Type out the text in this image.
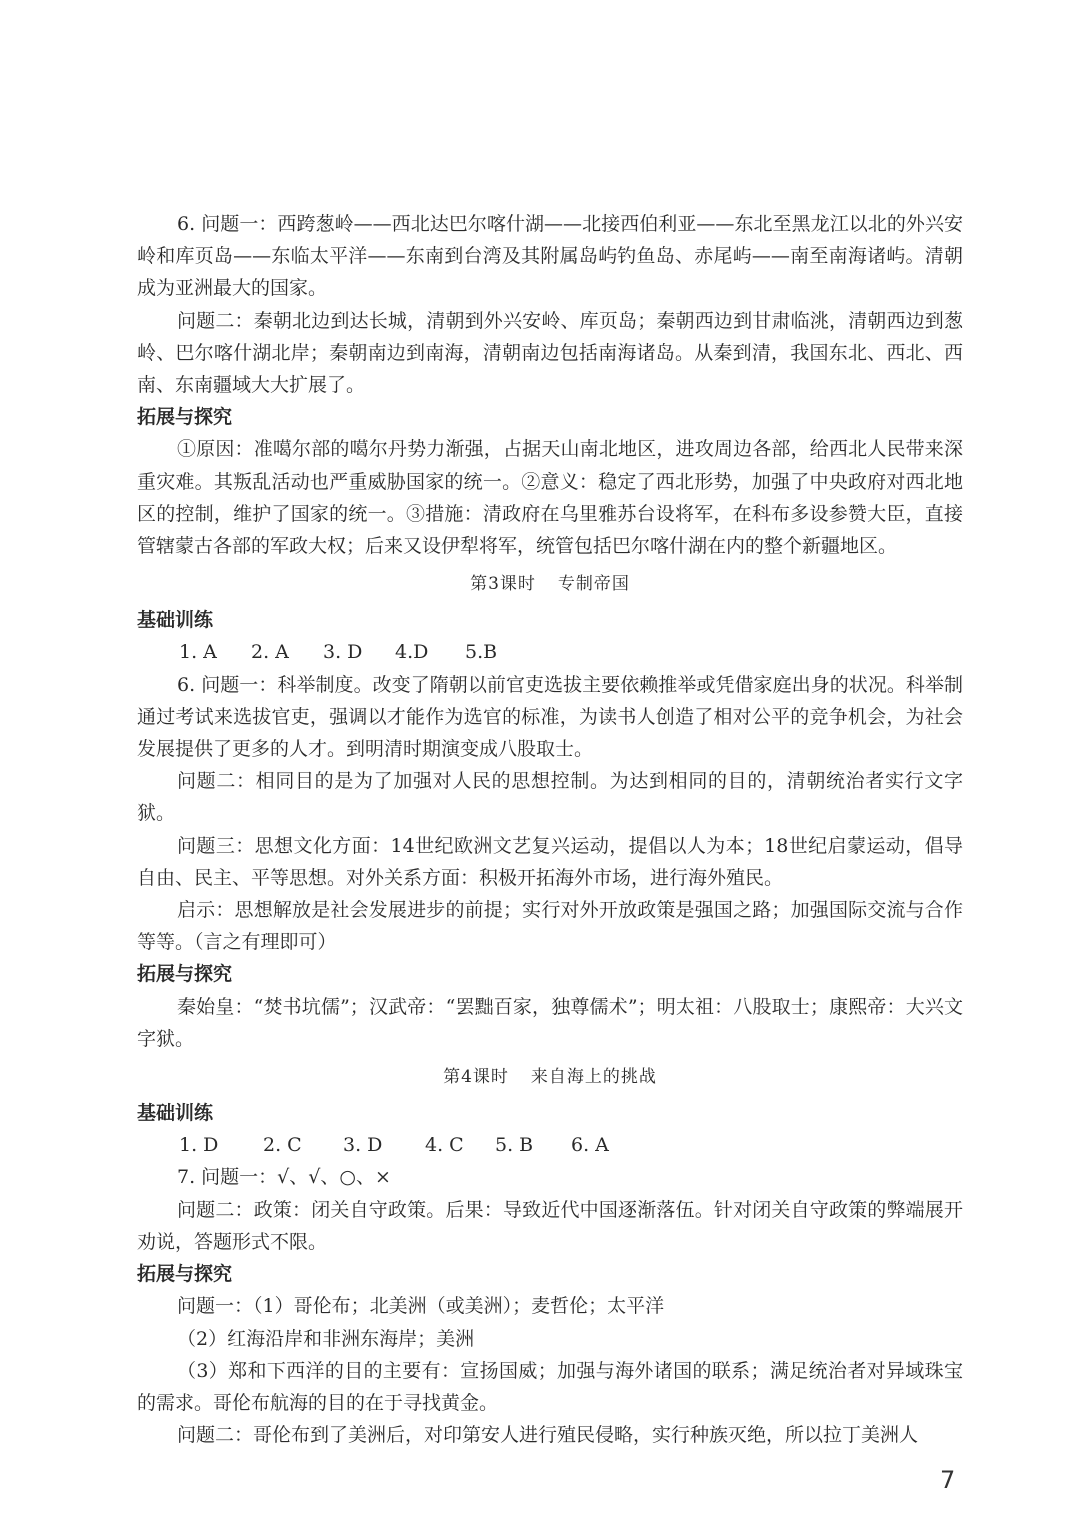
6. 问题一：西跨葱岭——西北达巴尔喀什湖——北接西伯利亚——东北至黑龙江以北的外兴安岭和库页岛——东临太平洋——东南到台湾及其附属岛屿钓鱼岛、赤尾屿——南至南海诸屿。清朝成为亚洲最大的国家。

问题二：秦朝北边到达长城，清朝到外兴安岭、库页岛；秦朝西边到甘肃临洮，清朝西边到葱岭、巴尔喀什湖北岸；秦朝南边到南海，清朝南边包括南海诸岛。从秦到清，我国东北、西北、西南、东南疆域大大扩展了。

拓展与探究

①原因：准噶尔部的噶尔丹势力渐强，占据天山南北地区，进攻周边各部，给西北人民带来深重灾难。其叛乱活动也严重威胁国家的统一。②意义：稳定了西北形势，加强了中央政府对西北地区的控制，维护了国家的统一。③措施：清政府在乌里雅苏台设将军，在科布多设参赞大臣，直接管辖蒙古各部的军政大权；后来又设伊犁将军，统管包括巴尔喀什湖在内的整个新疆地区。

第3课时 专制帝国
基础训练
1. A	2. A	3. D	4.D	5.B

6. 问题一：科举制度。改变了隋朝以前官吏选拔主要依赖推举或凭借家庭出身的状况。科举制通过考试来选拔官吏，强调以才能作为选官的标准，为读书人创造了相对公平的竞争机会，为社会发展提供了更多的人才。到明清时期演变成八股取士。

问题二：相同目的是为了加强对人民的思想控制。为达到相同的目的，清朝统治者实行文字狱。

问题三：思想文化方面：14世纪欧洲文艺复兴运动，提倡以人为本；18世纪启蒙运动，倡导自由、民主、平等思想。对外关系方面：积极开拓海外市场，进行海外殖民。

启示：思想解放是社会发展进步的前提；实行对外开放政策是强国之路；加强国际交流与合作等等。（言之有理即可）

拓展与探究

秦始皇：“焚书坑儒”；汉武帝：“罢黜百家，独尊儒术”；明太祖：八股取士；康熙帝：大兴文字狱。

第4课时 来自海上的挑战
基础训练
1. D	2. C	3. D	4. C	5. B	6. A

7. 问题一：√、√、○、×

问题二：政策：闭关自守政策。后果：导致近代中国逐渐落伍。针对闭关自守政策的弊端展开劝说，答题形式不限。

拓展与探究

问题一：（1）哥伦布；北美洲（或美洲）；麦哲伦；太平洋

（2）红海沿岸和非洲东海岸；美洲

（3）郑和下西洋的目的主要有：宣扬国威；加强与海外诸国的联系；满足统治者对异域珠宝的需求。哥伦布航海的目的在于寻找黄金。

问题二：哥伦布到了美洲后，对印第安人进行殖民侵略，实行种族灭绝，所以拉丁美洲人

7
